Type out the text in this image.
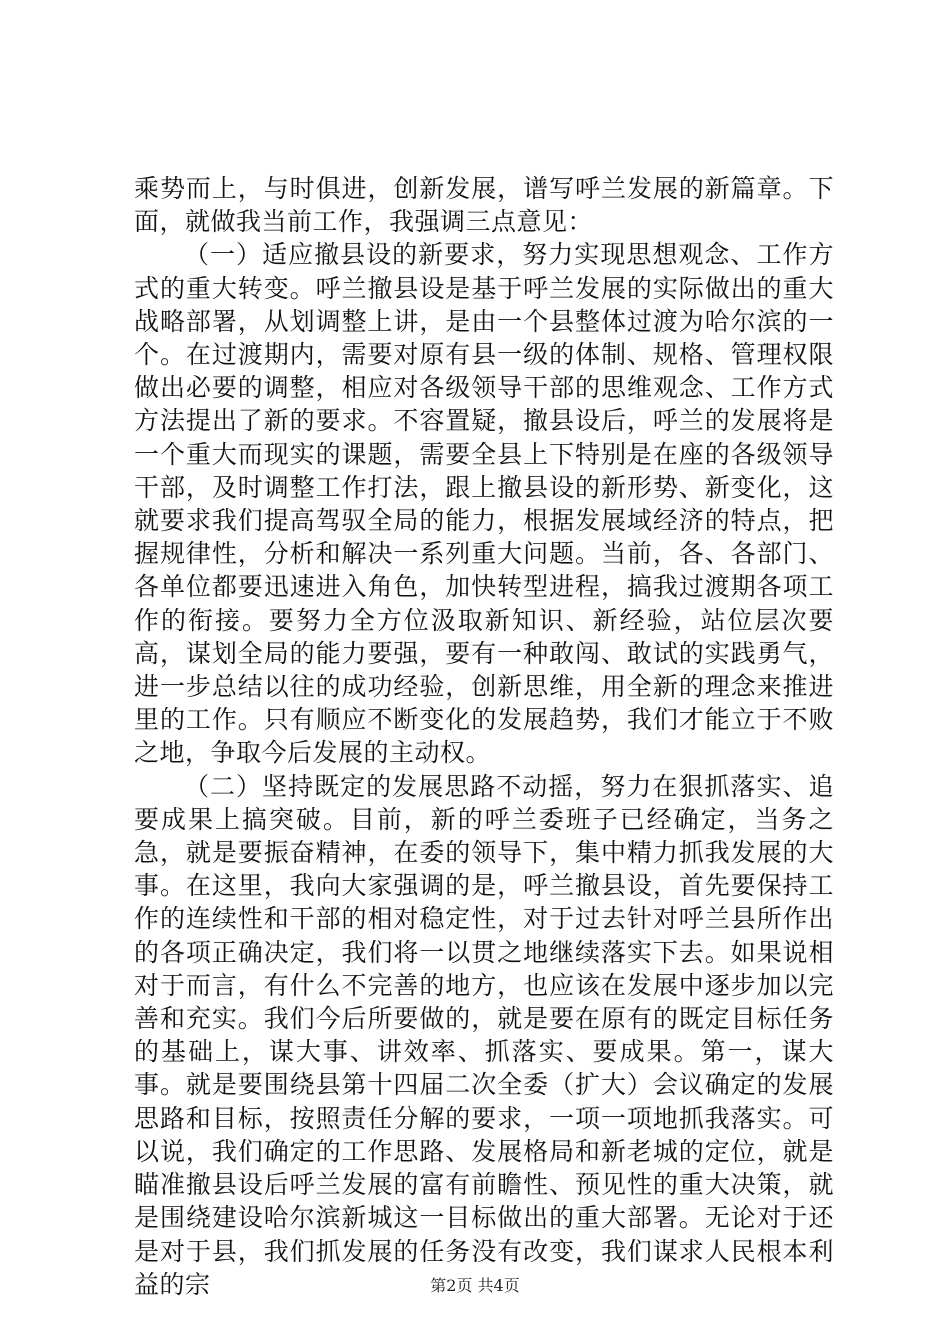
乘势而上，与时俱进，创新发展，谱写呼兰发展的新篇章。下面，就做我当前工作，我强调三点意见：

（一）适应撤县设的新要求，努力实现思想观念、工作方式的重大转变。呼兰撤县设是基于呼兰发展的实际做出的重大战略部署，从划调整上讲，是由一个县整体过渡为哈尔滨的一个。在过渡期内，需要对原有县一级的体制、规格、管理权限做出必要的调整，相应对各级领导干部的思维观念、工作方式方法提出了新的要求。不容置疑，撤县设后，呼兰的发展将是一个重大而现实的课题，需要全县上下特别是在座的各级领导干部，及时调整工作打法，跟上撤县设的新形势、新变化，这就要求我们提高驾驭全局的能力，根据发展域经济的特点，把握规律性，分析和解决一系列重大问题。当前，各、各部门、各单位都要迅速进入角色，加快转型进程，搞我过渡期各项工作的衔接。要努力全方位汲取新知识、新经验，站位层次要高，谋划全局的能力要强，要有一种敢闯、敢试的实践勇气，进一步总结以往的成功经验，创新思维，用全新的理念来推进里的工作。只有顺应不断变化的发展趋势，我们才能立于不败之地，争取今后发展的主动权。

（二）坚持既定的发展思路不动摇，努力在狠抓落实、追要成果上搞突破。目前，新的呼兰委班子已经确定，当务之急，就是要振奋精神，在委的领导下，集中精力抓我发展的大事。在这里，我向大家强调的是，呼兰撤县设，首先要保持工作的连续性和干部的相对稳定性，对于过去针对呼兰县所作出的各项正确决定，我们将一以贯之地继续落实下去。如果说相对于而言，有什么不完善的地方，也应该在发展中逐步加以完善和充实。我们今后所要做的，就是要在原有的既定目标任务的基础上，谋大事、讲效率、抓落实、要成果。第一，谋大事。就是要围绕县第十四届二次全委（扩大）会议确定的发展思路和目标，按照责任分解的要求，一项一项地抓我落实。可以说，我们确定的工作思路、发展格局和新老城的定位，就是瞄准撤县设后呼兰发展的富有前瞻性、预见性的重大决策，就是围绕建设哈尔滨新城这一目标做出的重大部署。无论对于还是对于县，我们抓发展的任务没有改变，我们谋求人民根本利益的宗	第2页 共4页
